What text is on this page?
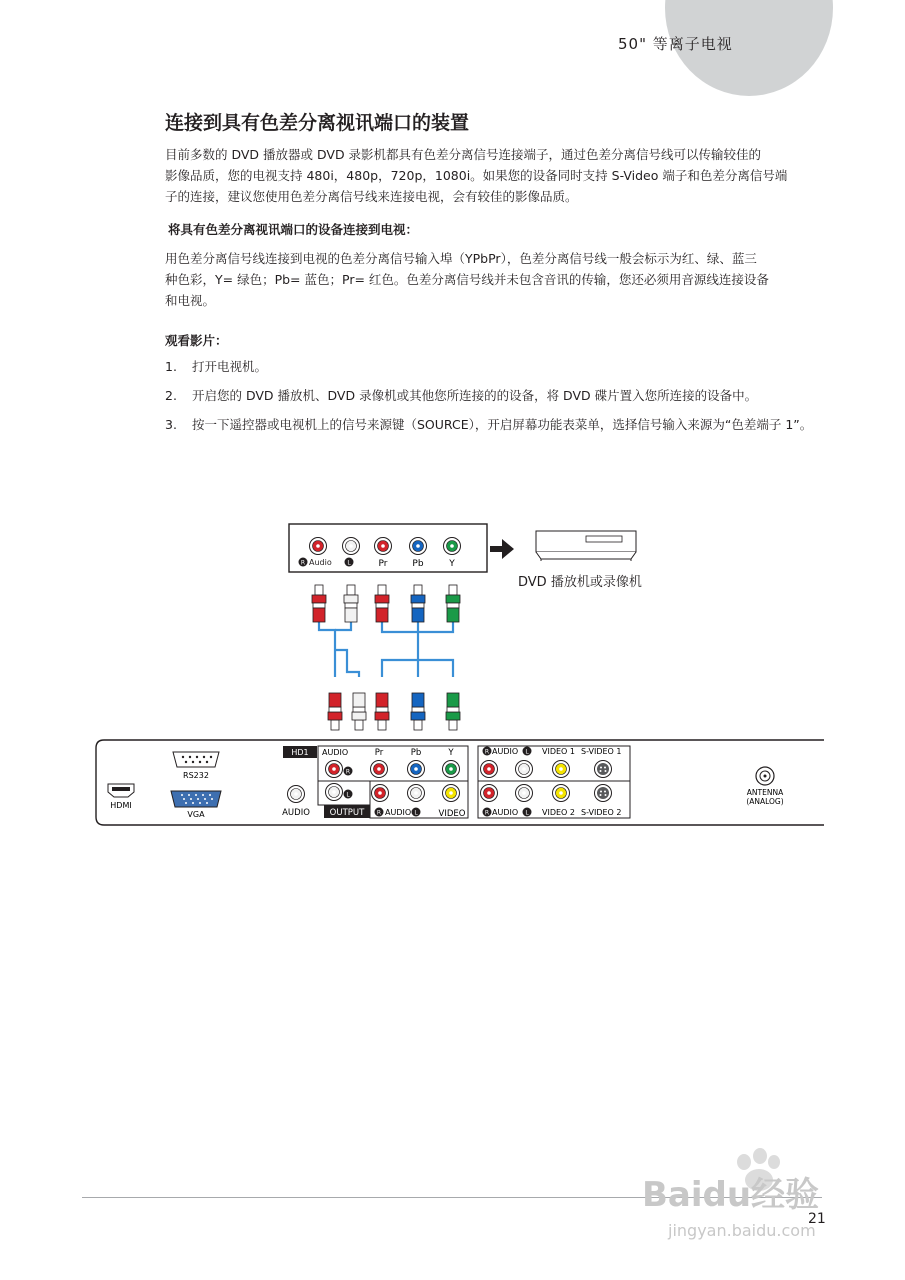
50" 等离子电视
连接到具有色差分离视讯端口的装置

目前多数的 DVD 播放器或 DVD 录影机都具有色差分离信号连接端子，通过色差分离信号线可以传输较佳的
影像品质，您的电视支持 480i，480p，720p，1080i。如果您的设备同时支持 S-Video 端子和色差分离信号端
子的连接，建议您使用色差分离信号线来连接电视，会有较佳的影像品质。

将具有色差分离视讯端口的设备连接到电视：

用色差分离信号线连接到电视的色差分离信号输入埠（YPbPr），色差分离信号线一般会标示为红、绿、蓝三
种色彩，Y= 绿色；Pb= 蓝色；Pr= 红色。色差分离信号线并未包含音讯的传输，您还必须用音源线连接设备
和电视。

观看影片：

1. 打开电视机。
2. 开启您的 DVD 播放机、DVD 录像机或其他您所连接的的设备，将 DVD 碟片置入您所连接的设备中。
3. 按一下遥控器或电视机上的信号来源键（SOURCE），开启屏幕功能表菜单，选择信号输入来源为“色差端子 1”。
R Audio	L	Pr	Pb	Y
DVD 播放机或录像机
HDMI
RS232
VGA	AUDIO
HD1 AUDIO	Pr	Pb	Y
R
L
OUTPUT R AUDIO L VIDEO
R AUDIO L VIDEO 1 S-VIDEO 1
R AUDIO L VIDEO 2 S-VIDEO 2
ANTENNA
(ANALOG)
Baidu经验
jingyan.baidu.com
21
